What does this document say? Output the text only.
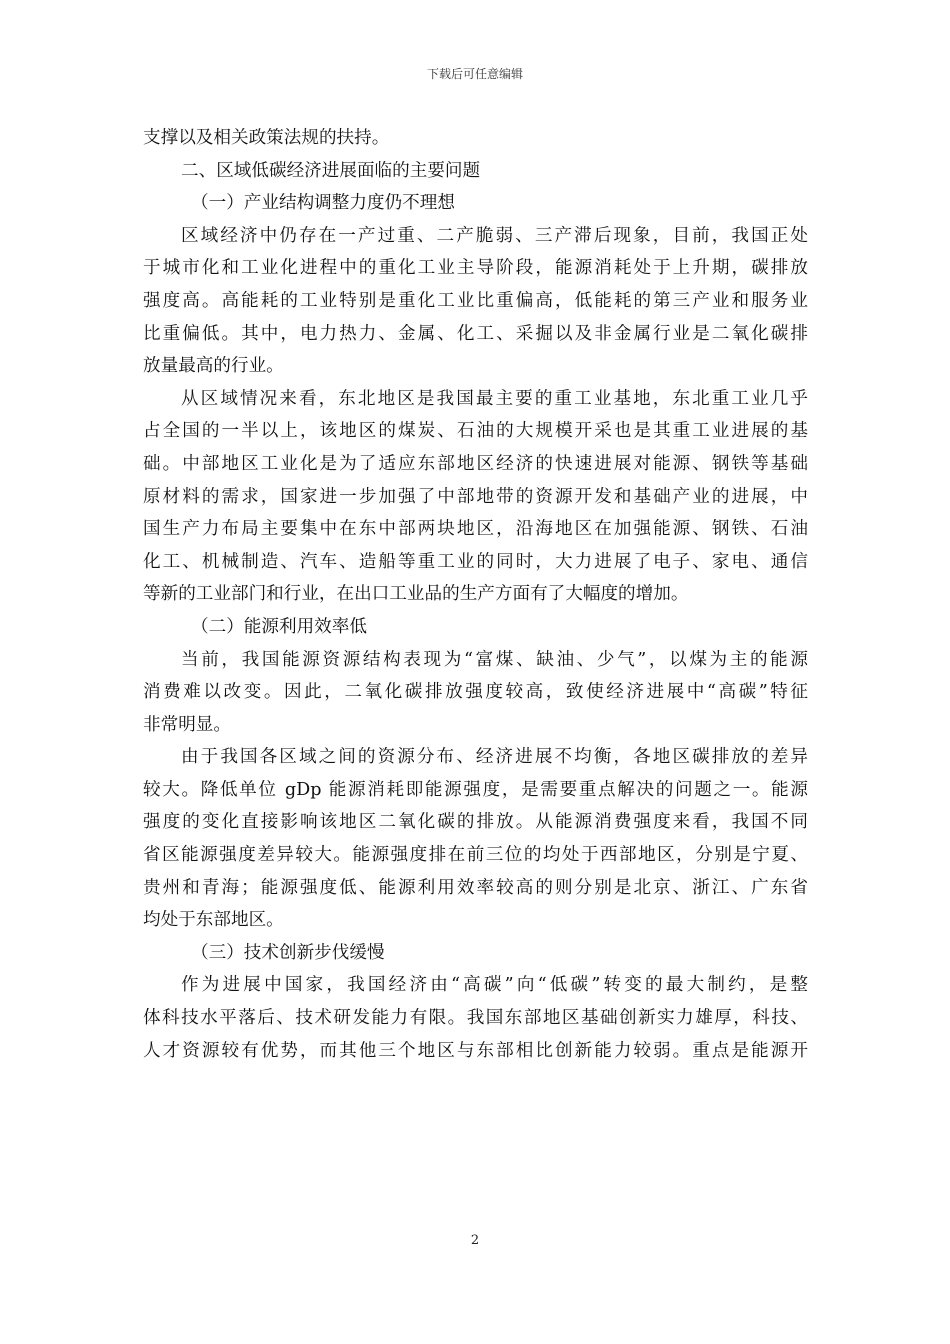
下载后可任意编辑
支撑以及相关政策法规的扶持。
二、区域低碳经济进展面临的主要问题
（一）产业结构调整力度仍不理想
区域经济中仍存在一产过重、二产脆弱、三产滞后现象，目前，我国正处
于城市化和工业化进程中的重化工业主导阶段，能源消耗处于上升期，碳排放
强度高。高能耗的工业特别是重化工业比重偏高，低能耗的第三产业和服务业
比重偏低。其中，电力热力、金属、化工、采掘以及非金属行业是二氧化碳排
放量最高的行业。
从区域情况来看，东北地区是我国最主要的重工业基地，东北重工业几乎
占全国的一半以上，该地区的煤炭、石油的大规模开采也是其重工业进展的基
础。中部地区工业化是为了适应东部地区经济的快速进展对能源、钢铁等基础
原材料的需求，国家进一步加强了中部地带的资源开发和基础产业的进展，中
国生产力布局主要集中在东中部两块地区，沿海地区在加强能源、钢铁、石油
化工、机械制造、汽车、造船等重工业的同时，大力进展了电子、家电、通信
等新的工业部门和行业，在出口工业品的生产方面有了大幅度的增加。
（二）能源利用效率低
当前，我国能源资源结构表现为“富煤、缺油、少气”，以煤为主的能源
消费难以改变。因此，二氧化碳排放强度较高，致使经济进展中“高碳”特征
非常明显。
由于我国各区域之间的资源分布、经济进展不均衡，各地区碳排放的差异
较大。降低单位 gDp 能源消耗即能源强度，是需要重点解决的问题之一。能源
强度的变化直接影响该地区二氧化碳的排放。从能源消费强度来看，我国不同
省区能源强度差异较大。能源强度排在前三位的均处于西部地区，分别是宁夏、
贵州和青海；能源强度低、能源利用效率较高的则分别是北京、浙江、广东省
均处于东部地区。
（三）技术创新步伐缓慢
作为进展中国家，我国经济由“高碳”向“低碳”转变的最大制约，是整
体科技水平落后、技术研发能力有限。我国东部地区基础创新实力雄厚，科技、
人才资源较有优势，而其他三个地区与东部相比创新能力较弱。重点是能源开
2
